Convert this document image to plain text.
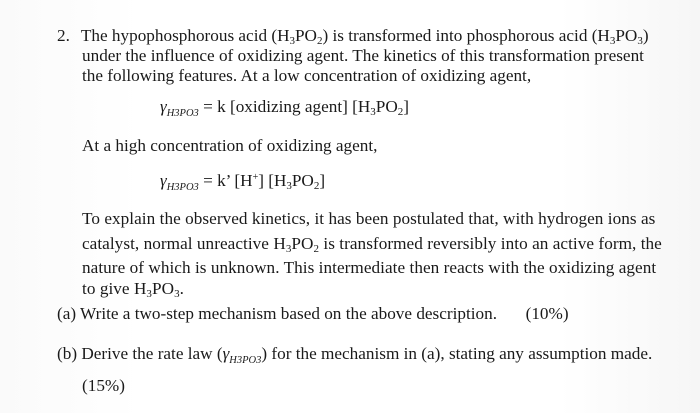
2. The hypophosphorous acid $(H_3PO_2)$ is transformed into phosphorous acid $(H_3PO_3)$
under the influence of oxidizing agent. The kinetics of this transformation present
the following features. At a low concentration of oxidizing agent,
$\gamma_{H3PO3} = k$ [oxidizing agent] $[H_3PO_2]$
At a high concentration of oxidizing agent,
$\gamma_{H3PO3} = k$’ [H+] $[H_3PO_2]$
To explain the observed kinetics, it has been postulated that, with hydrogen ions as
catalyst, normal unreactive $H_3PO_2$ is transformed reversibly into an active form, the
nature of which is unknown. This intermediate then reacts with the oxidizing agent
to give $H_3PO_3$.
(a) Write a two-step mechanism based on the above description. (10%)
(b) Derive the rate law $(\gamma_{H3PO3})$ for the mechanism in (a), stating any assumption made.
(15%)
